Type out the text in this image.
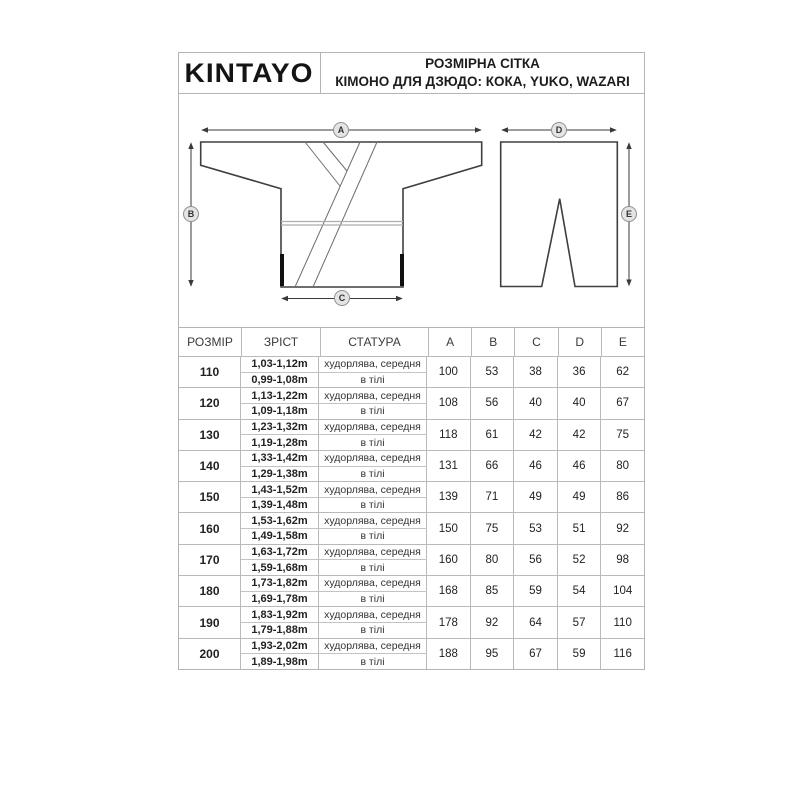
KINTAYO	РОЗМІРНА СІТКА
КІМОНО ДЛЯ ДЗЮДО: КОКА, YUKO, WAZARI
A
B
C
D
E
РОЗМІР	ЗРІСТ	СТАТУРА	A	B	C	D	E
110
1,03-1,12m	худорлява, середня
0,99-1,08m	в тілі
100	53	38	36	62
120
1,13-1,22m	худорлява, середня
1,09-1,18m	в тілі
108	56	40	40	67
130
1,23-1,32m	худорлява, середня
1,19-1,28m	в тілі
118	61	42	42	75
140
1,33-1,42m	худорлява, середня
1,29-1,38m	в тілі
131	66	46	46	80
150
1,43-1,52m	худорлява, середня
1,39-1,48m	в тілі
139	71	49	49	86
160
1,53-1,62m	худорлява, середня
1,49-1,58m	в тілі
150	75	53	51	92
170
1,63-1,72m	худорлява, середня
1,59-1,68m	в тілі
160	80	56	52	98
180
1,73-1,82m	худорлява, середня
1,69-1,78m	в тілі
168	85	59	54	104
190
1,83-1,92m	худорлява, середня
1,79-1,88m	в тілі
178	92	64	57	110
200
1,93-2,02m	худорлява, середня
1,89-1,98m	в тілі
188	95	67	59	116
